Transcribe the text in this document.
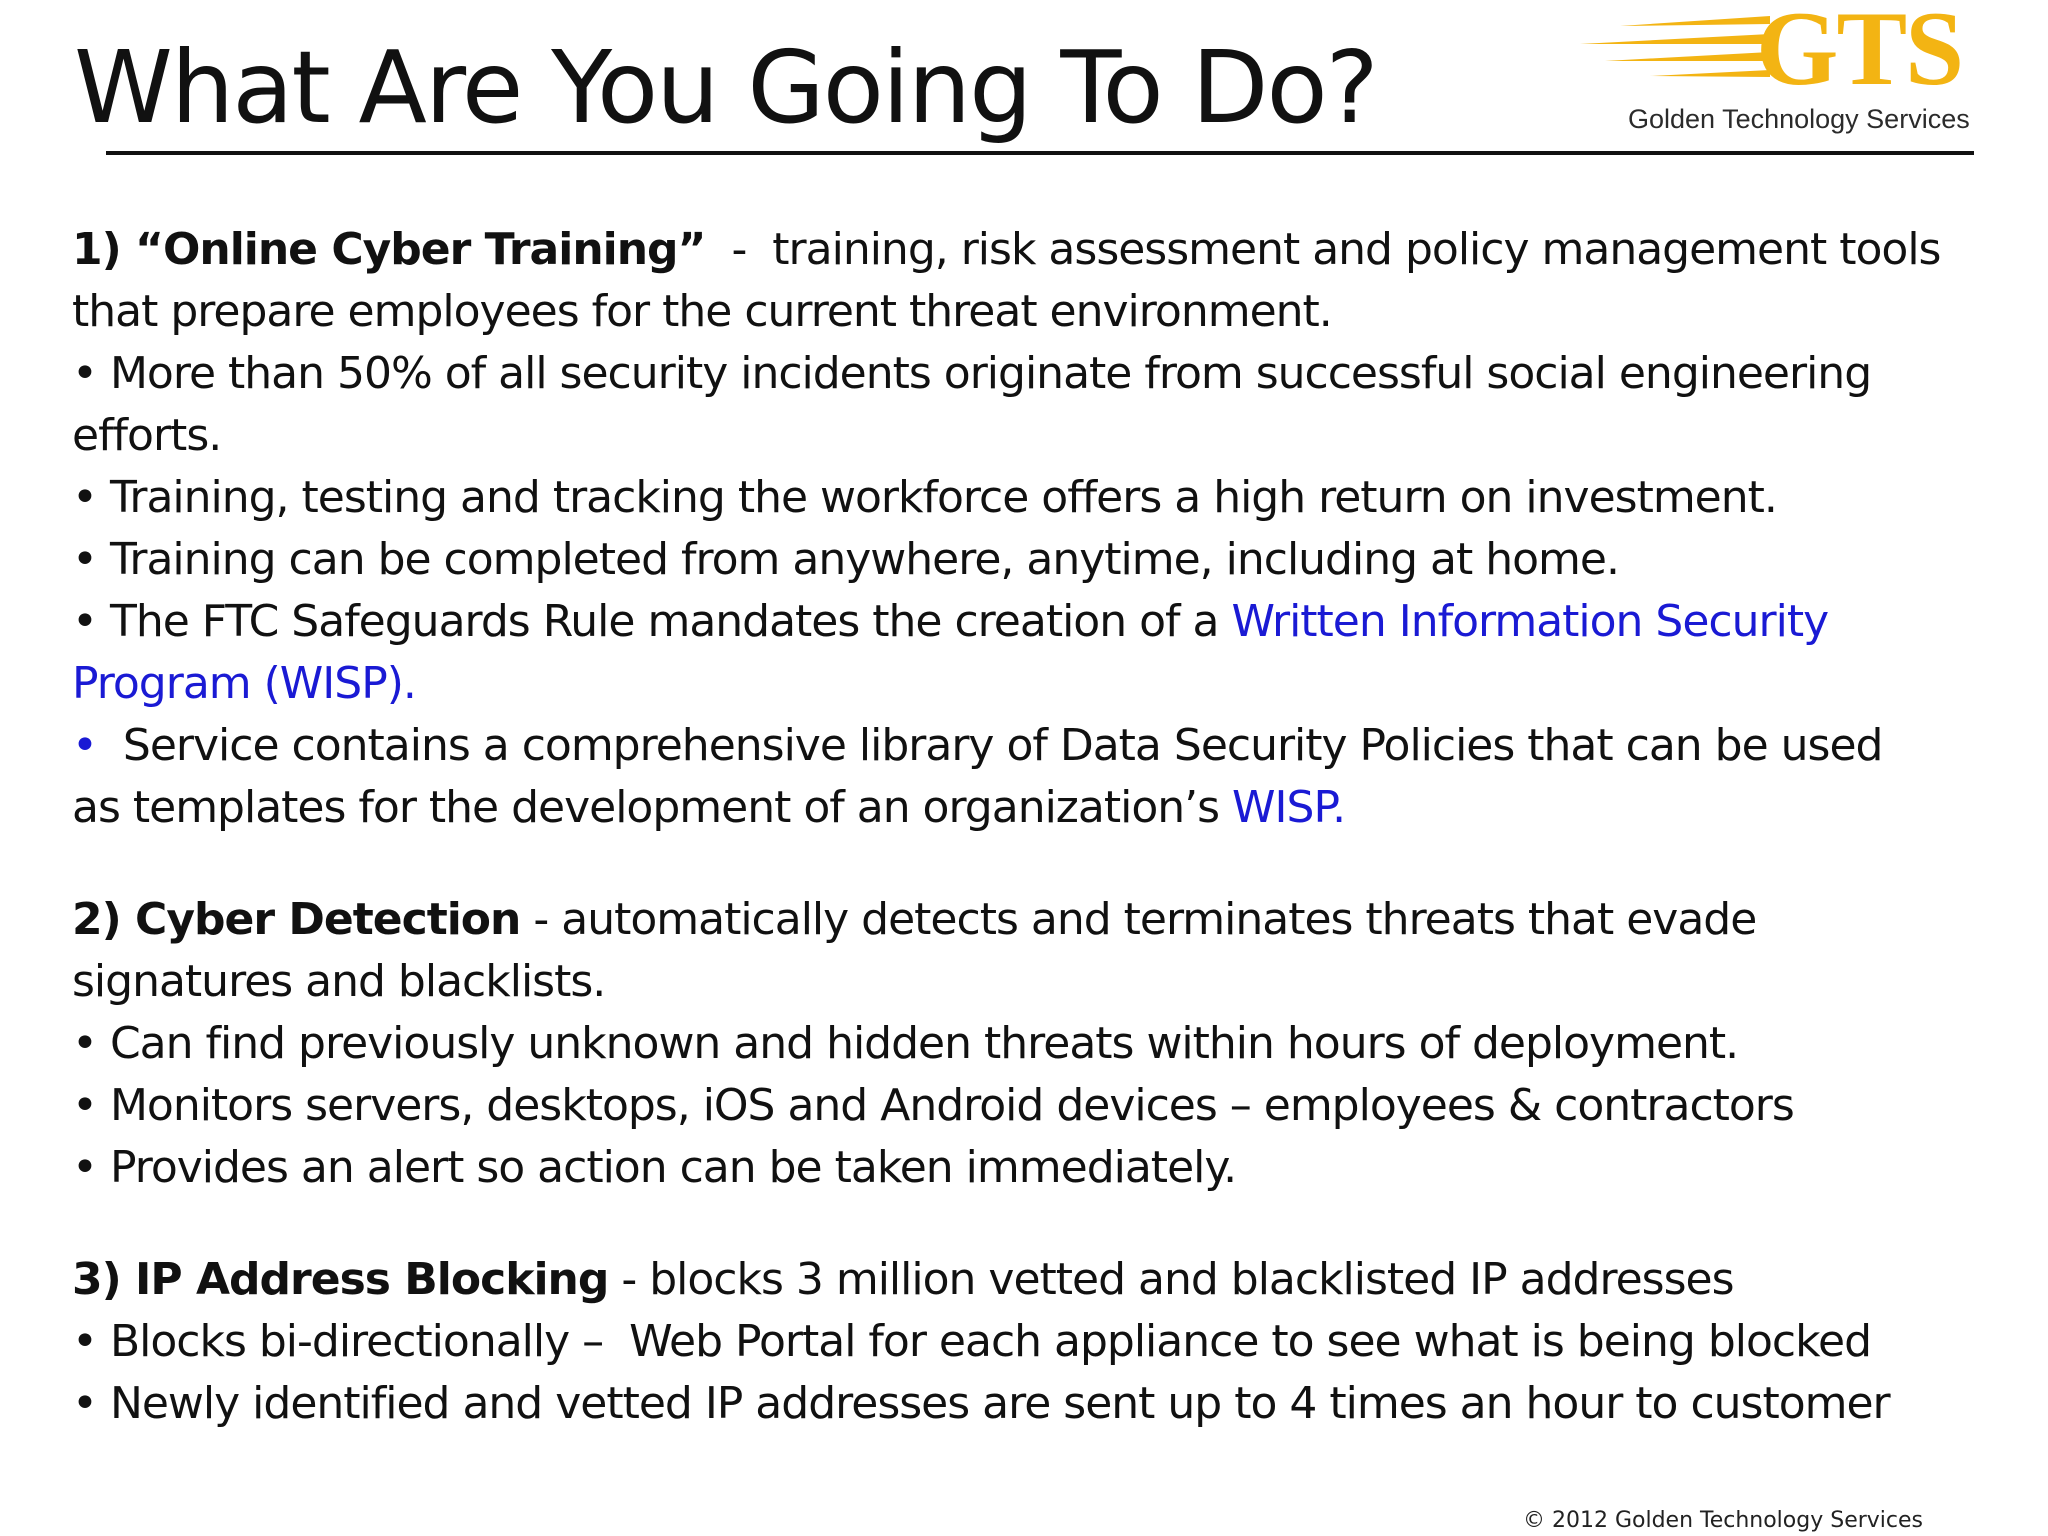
What Are You Going To Do?	GTS
Golden Technology Services

1) “Online Cyber Training”  -  training, risk assessment and policy management tools

that prepare employees for the current threat environment.

• More than 50% of all security incidents originate from successful social engineering

efforts.

• Training, testing and tracking the workforce offers a high return on investment.

• Training can be completed from anywhere, anytime, including at home.

• The FTC Safeguards Rule mandates the creation of a Written Information Security

Program (WISP).

•  Service contains a comprehensive library of Data Security Policies that can be used

as templates for the development of an organization’s WISP.

2) Cyber Detection - automatically detects and terminates threats that evade

signatures and blacklists.

• Can find previously unknown and hidden threats within hours of deployment.

• Monitors servers, desktops, iOS and Android devices – employees & contractors

• Provides an alert so action can be taken immediately.

3) IP Address Blocking - blocks 3 million vetted and blacklisted IP addresses

• Blocks bi-directionally –  Web Portal for each appliance to see what is being blocked

• Newly identified and vetted IP addresses are sent up to 4 times an hour to customer

© 2012 Golden Technology Services
